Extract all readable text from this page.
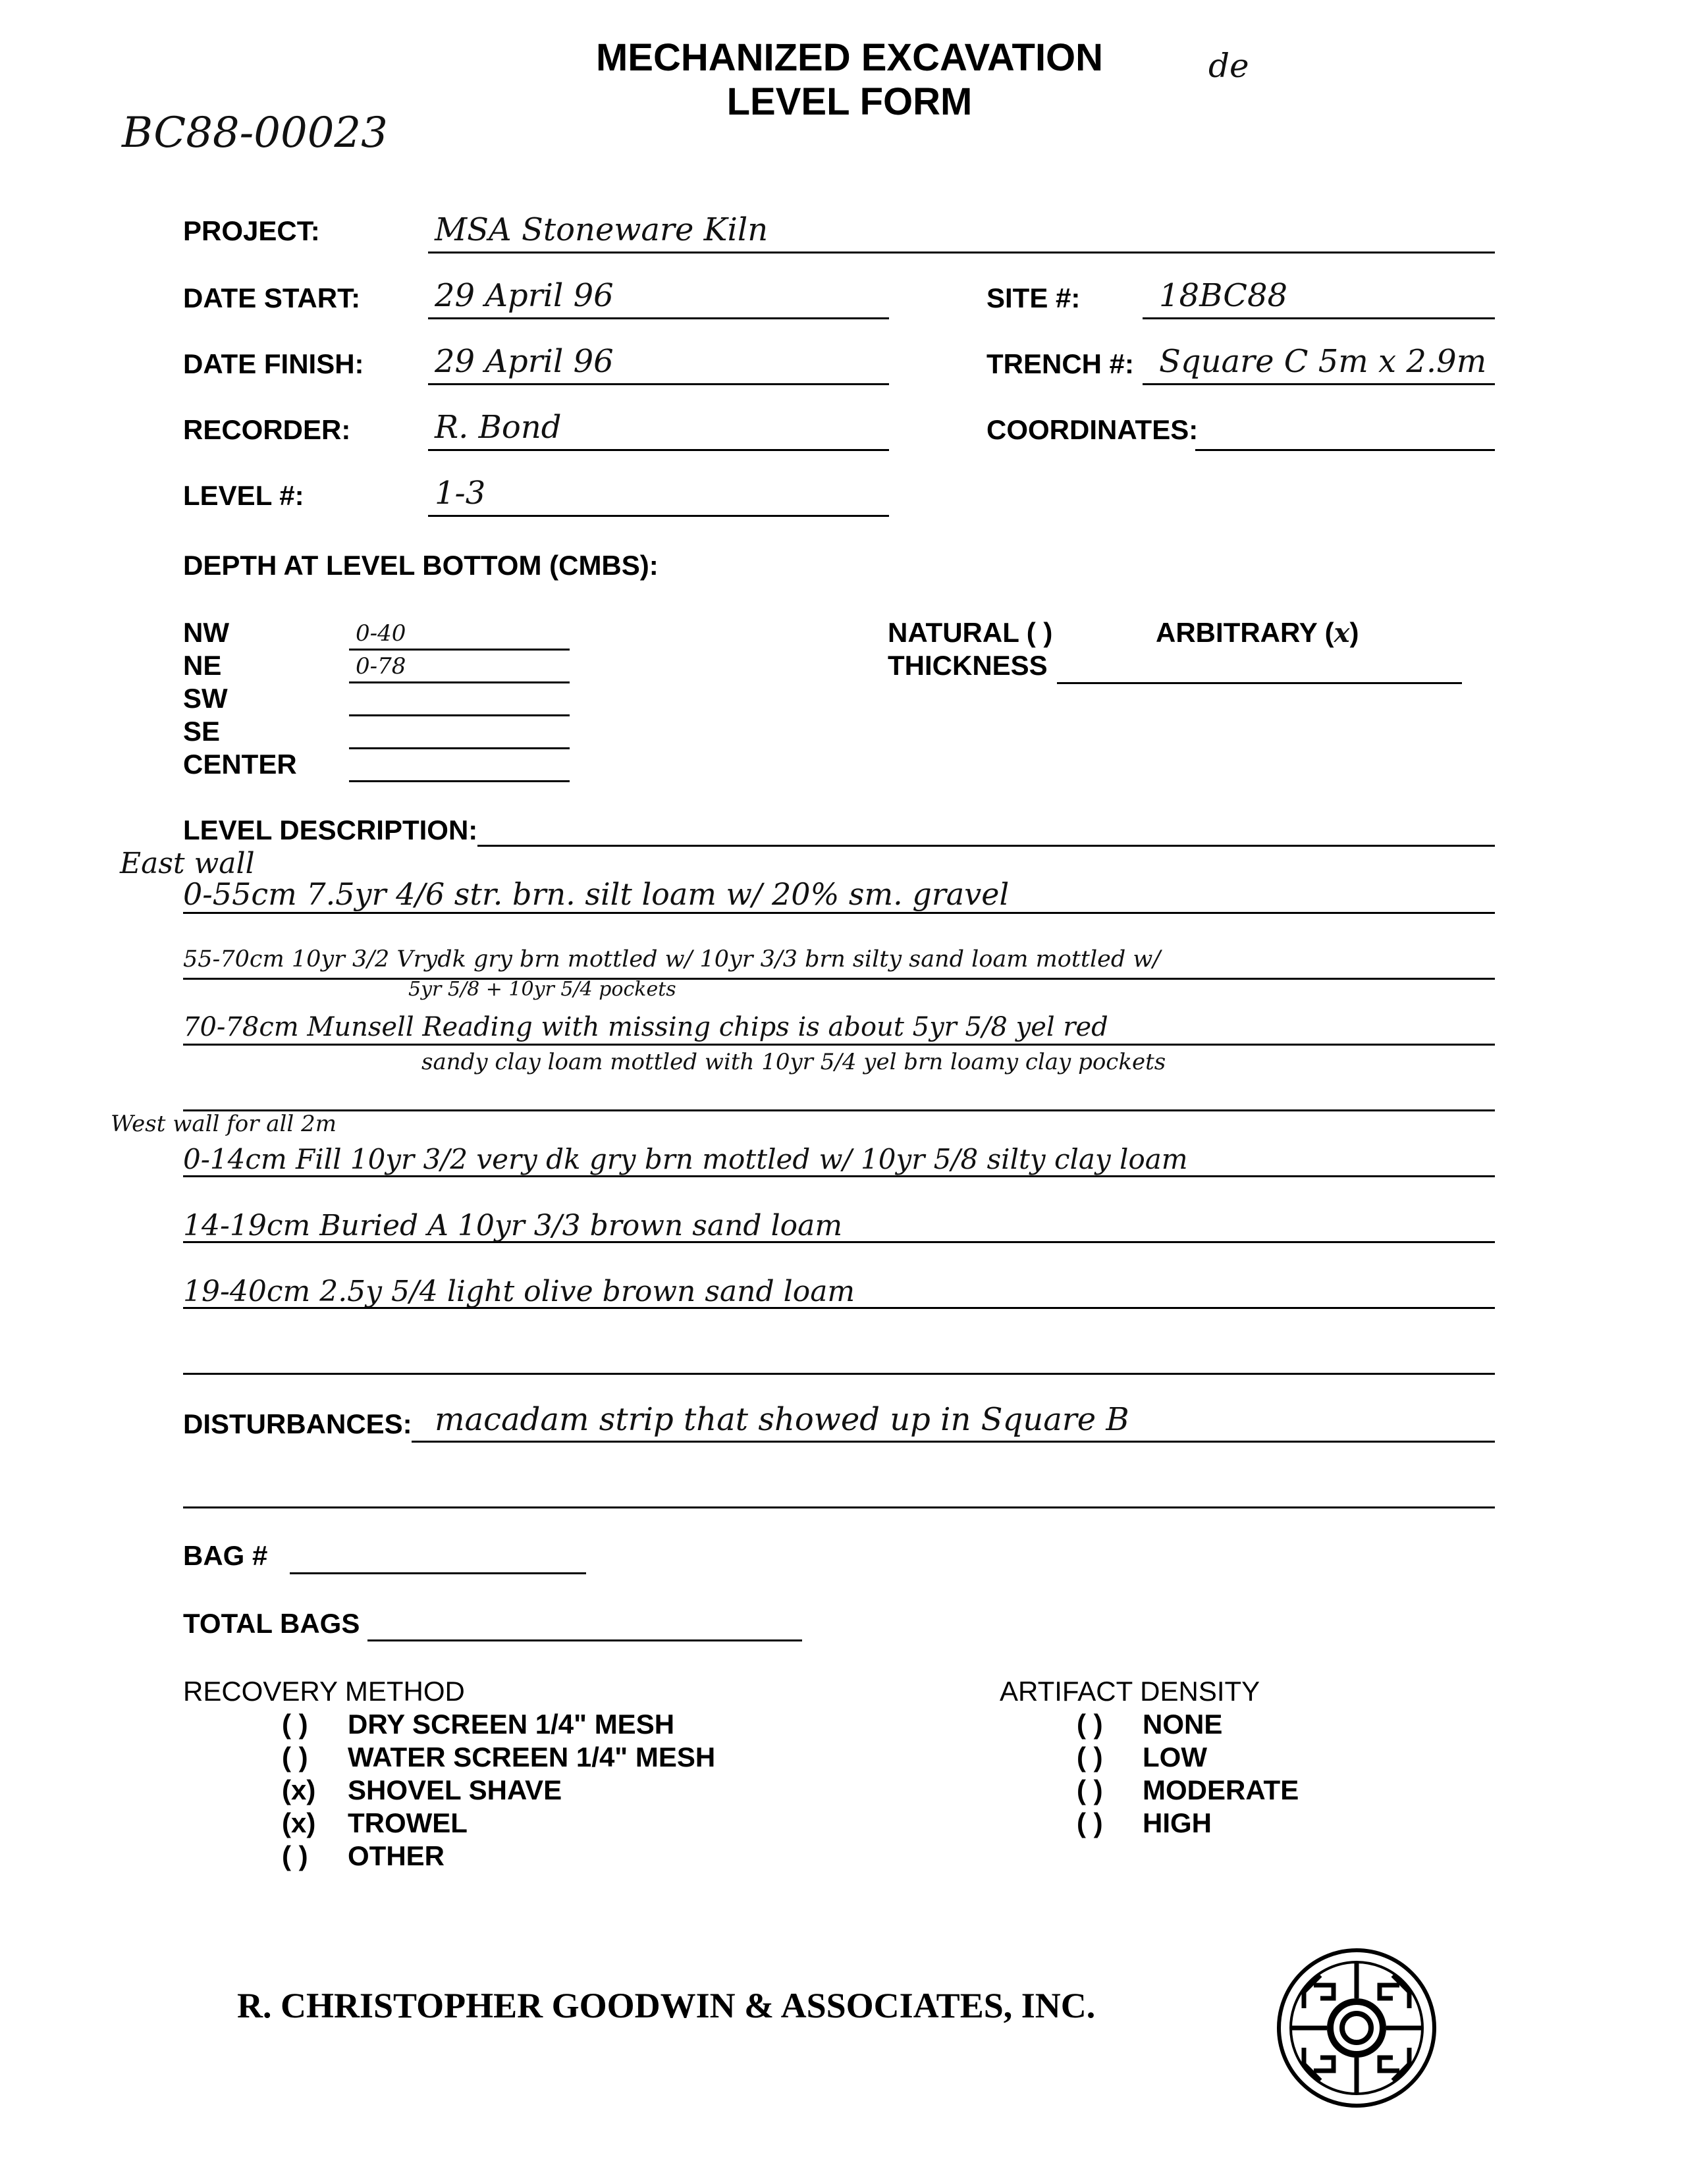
MECHANIZED EXCAVATION
LEVEL FORM
BC88-00023
de
PROJECT:	MSA Stoneware Kiln
DATE START: 29 April 96	SITE #: 18BC88
DATE FINISH: 29 April 96	TRENCH #: Square C 5m x 2.9m
RECORDER:	R. Bond	COORDINATES:
LEVEL #:	1-3
DEPTH AT LEVEL BOTTOM (CMBS):
NW	0-40
NE	0-78
SW
SE
CENTER
NATURAL ( )	ARBITRARY (x)
THICKNESS
LEVEL DESCRIPTION:
East wall
0-55cm 7.5yr 4/6 str. brn. silt loam w/ 20% sm. gravel
55-70cm 10yr 3/2 Vrydk gry brn mottled w/ 10yr 3/3 brn silty sand loam mottled w/
5yr 5/8 + 10yr 5/4 pockets
70-78cm Munsell Reading with missing chips is about 5yr 5/8 yel red
sandy clay loam mottled with 10yr 5/4 yel brn loamy clay pockets
West wall for all 2m
0-14cm Fill 10yr 3/2 very dk gry brn mottled w/ 10yr 5/8 silty clay loam
14-19cm Buried A 10yr 3/3 brown sand loam
19-40cm 2.5y 5/4 light olive brown sand loam
DISTURBANCES: macadam strip that showed up in Square B
BAG #
TOTAL BAGS
RECOVERY METHOD
( ) DRY SCREEN 1/4" MESH
( ) WATER SCREEN 1/4" MESH
(x) SHOVEL SHAVE
(x) TROWEL
( ) OTHER
ARTIFACT DENSITY
( ) NONE
( ) LOW
( ) MODERATE
( ) HIGH
R. CHRISTOPHER GOODWIN & ASSOCIATES, INC.
